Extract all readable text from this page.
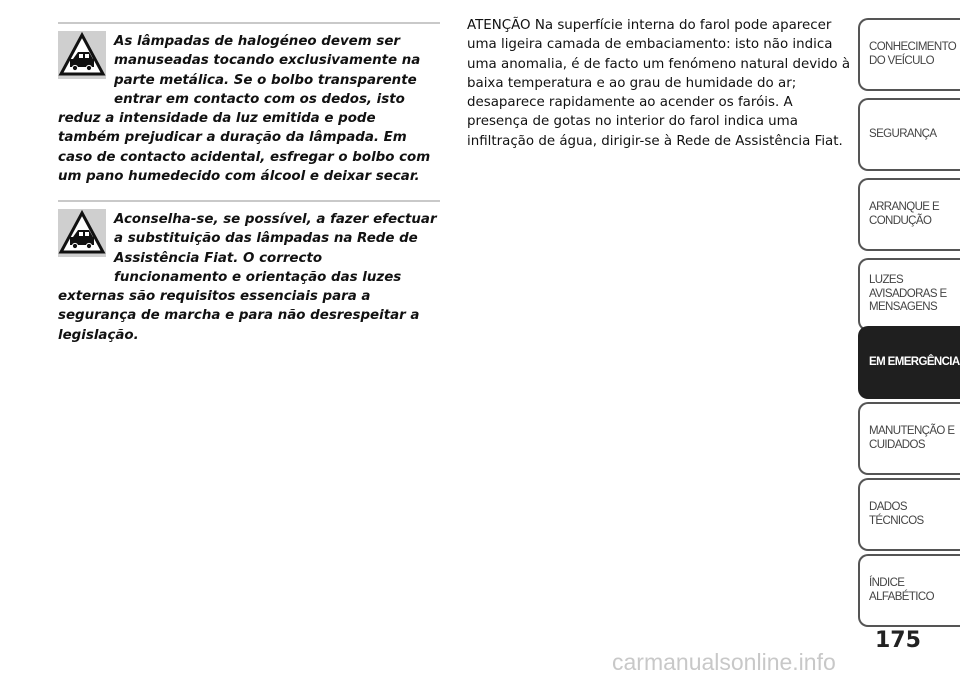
As lâmpadas de halogéneo devem ser manuseadas tocando exclusivamente na parte metálica. Se o bolbo transparente entrar em contacto com os dedos, isto reduz a intensidade da luz emitida e pode também prejudicar a duração da lâmpada. Em caso de contacto acidental, esfregar o bolbo com um pano humedecido com álcool e deixar secar.

Aconselha-se, se possível, a fazer efectuar a substituição das lâmpadas na Rede de Assistência Fiat. O correcto funcionamento e orientação das luzes externas são requisitos essenciais para a segurança de marcha e para não desrespeitar a legislação.

ATENÇÃO Na superfície interna do farol pode aparecer uma ligeira camada de embaciamento: isto não indica uma anomalia, é de facto um fenómeno natural devido à baixa temperatura e ao grau de humidade do ar; desaparece rapidamente ao acender os faróis. A presença de gotas no interior do farol indica uma infiltração de água, dirigir-se à Rede de Assistência Fiat.

CONHECIMENTO DO VEÍCULO
SEGURANÇA
ARRANQUE E CONDUÇÃO
LUZES AVISADORAS E MENSAGENS
EM EMERGÊNCIA
MANUTENÇÃO E CUIDADOS
DADOS TÉCNICOS
ÍNDICE ALFABÉTICO
175

carmanualsonline.info
